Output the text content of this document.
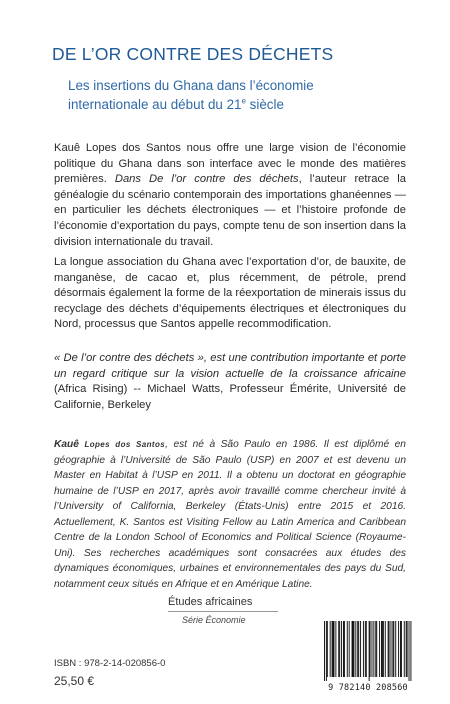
DE L’OR CONTRE DES DÉCHETS
Les insertions du Ghana dans l’économie
internationale au début du 21e siècle
Kauê Lopes dos Santos nous offre une large vision de l’économie politique du Ghana dans son interface avec le monde des matières premières. Dans De l’or contre des déchets, l’auteur retrace la généalogie du scénario contemporain des importations ghanéennes — en particulier les déchets électroniques — et l’histoire profonde de l’économie d’exportation du pays, compte tenu de son insertion dans la division internationale du travail.
La longue association du Ghana avec l’exportation d’or, de bauxite, de manganèse, de cacao et, plus récemment, de pétrole, prend désormais également la forme de la réexportation de minerais issus du recyclage des déchets d’équipements électriques et électroniques du Nord, processus que Santos appelle recommodification.
« De l’or contre des déchets », est une contribution importante et porte un regard critique sur la vision actuelle de la croissance africaine (Africa Rising) -- Michael Watts, Professeur Émérite, Université de Californie, Berkeley
Kauê Lopes dos Santos, est né à São Paulo en 1986. Il est diplômé en géographie à l’Université de São Paulo (USP) en 2007 et est devenu un Master en Habitat à l’USP en 2011. Il a obtenu un doctorat en géographie humaine de l’USP en 2017, après avoir travaillé comme chercheur invité à l’University of California, Berkeley (États-Unis) entre 2015 et 2016. Actuellement, K. Santos est Visiting Fellow au Latin America and Caribbean Centre de la London School of Economics and Political Science (Royaume-Uni). Ses recherches académiques sont consacrées aux études des dynamiques économiques, urbaines et environnementales des pays du Sud, notamment ceux situés en Afrique et en Amérique Latine.
Études africaines
Série Économie
ISBN : 978-2-14-020856-0
25,50 €	9 782140 208560
